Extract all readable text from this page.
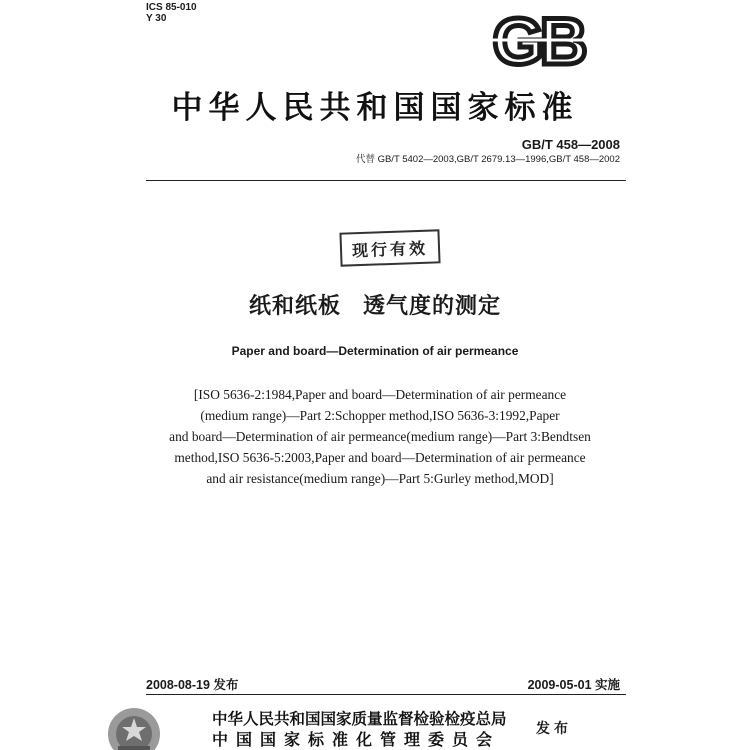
ICS 85-010
Y 30	GB
中华人民共和国国家标准
GB/T 458—2008
代替 GB/T 5402—2003,GB/T 2679.13—1996,GB/T 458—2002
现行有效
纸和纸板 透气度的测定
Paper and board—Determination of air permeance
[ISO 5636-2:1984,Paper and board—Determination of air permeance
(medium range)—Part 2:Schopper method,ISO 5636-3:1992,Paper
and board—Determination of air permeance(medium range)—Part 3:Bendtsen
method,ISO 5636-5:2003,Paper and board—Determination of air permeance
and air resistance(medium range)—Part 5:Gurley method,MOD]
2008-08-19 发布	2009-05-01 实施
中华人民共和国国家质量监督检验检疫总局
中国国家标准化管理委员会
发布
